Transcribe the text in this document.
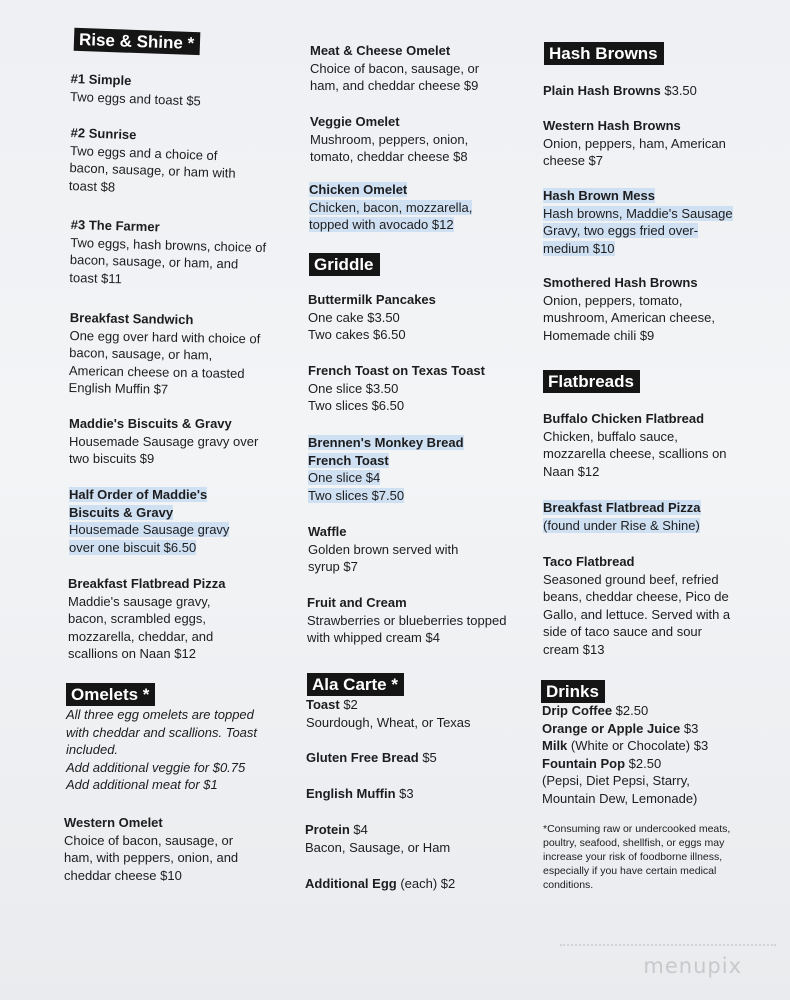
Rise & Shine *
#1 Simple
Two eggs and toast $5
#2 Sunrise
Two eggs and a choice of bacon, sausage, or ham with toast $8
#3 The Farmer
Two eggs, hash browns, choice of bacon, sausage, or ham, and toast $11
Breakfast Sandwich
One egg over hard with choice of bacon, sausage, or ham, American cheese on a toasted English Muffin $7
Maddie's Biscuits & Gravy
Housemade Sausage gravy over two biscuits $9
Half Order of Maddie's Biscuits & Gravy
Housemade Sausage gravy over one biscuit $6.50
Breakfast Flatbread Pizza
Maddie's sausage gravy, bacon, scrambled eggs, mozzarella, cheddar, and scallions on Naan $12
Omelets *
All three egg omelets are topped with cheddar and scallions. Toast included.
Add additional veggie for $0.75
Add additional meat for $1
Western Omelet
Choice of bacon, sausage, or ham, with peppers, onion, and cheddar cheese $10
Meat & Cheese Omelet
Choice of bacon, sausage, or ham, and cheddar cheese $9
Veggie Omelet
Mushroom, peppers, onion, tomato, cheddar cheese $8
Chicken Omelet
Chicken, bacon, mozzarella, topped with avocado $12
Griddle
Buttermilk Pancakes
One cake $3.50
Two cakes $6.50
French Toast on Texas Toast
One slice $3.50
Two slices $6.50
Brennen's Monkey Bread French Toast
One slice $4
Two slices $7.50
Waffle
Golden brown served with syrup $7
Fruit and Cream
Strawberries or blueberries topped with whipped cream $4
Ala Carte *
Toast $2
Sourdough, Wheat, or Texas
Gluten Free Bread $5
English Muffin $3
Protein $4
Bacon, Sausage, or Ham
Additional Egg (each) $2
Hash Browns
Plain Hash Browns $3.50
Western Hash Browns
Onion, peppers, ham, American cheese $7
Hash Brown Mess
Hash browns, Maddie's Sausage Gravy, two eggs fried over-medium $10
Smothered Hash Browns
Onion, peppers, tomato, mushroom, American cheese, Homemade chili $9
Flatbreads
Buffalo Chicken Flatbread
Chicken, buffalo sauce, mozzarella cheese, scallions on Naan $12
Breakfast Flatbread Pizza
(found under Rise & Shine)
Taco Flatbread
Seasoned ground beef, refried beans, cheddar cheese, Pico de Gallo, and lettuce. Served with a side of taco sauce and sour cream $13
Drinks
Drip Coffee $2.50
Orange or Apple Juice $3
Milk (White or Chocolate) $3
Fountain Pop $2.50
(Pepsi, Diet Pepsi, Starry, Mountain Dew, Lemonade)
*Consuming raw or undercooked meats, poultry, seafood, shellfish, or eggs may increase your risk of foodborne illness, especially if you have certain medical conditions.
menupix
